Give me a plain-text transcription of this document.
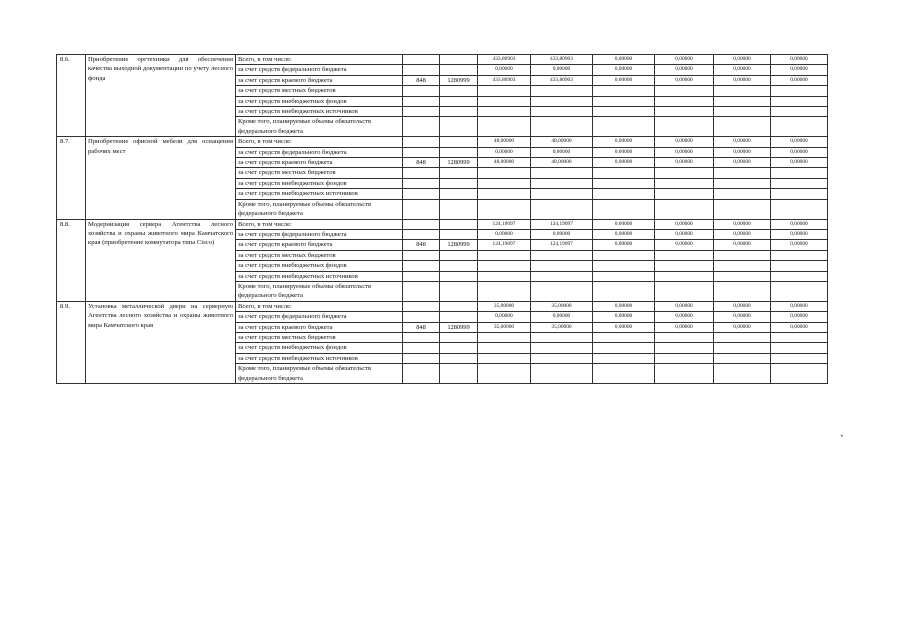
8.6.	Приобретение оргтехники для обеспечения качества выходной документации по учету лесного фонда	Всего, в том числе:			433,80903	433,80903	0,00000	0,00000	0,00000	0,00000
		за счет средств федерального бюджета			0,00000	0,00000	0,00000	0,00000	0,00000	0,00000
		за счет средств краевого бюджета	848	1280999	433,80903	433,80903	0,00000	0,00000	0,00000	0,00000
		за счет средств местных бюджетов								
		за счет средств внебюджетных фондов								
		за счет средств внебюджетных источников								
		Кроме того, планируемые объемы обязательств федерального бюджета								
8.7.	Приобретение офисной мебели для оснащения рабочих мест	Всего, в том числе:			48,00000	48,00000	0,00000	0,00000	0,00000	0,00000
		за счет средств федерального бюджета			0,00000	0,00000	0,00000	0,00000	0,00000	0,00000
		за счет средств краевого бюджета	848	1280999	48,00000	48,00000	0,00000	0,00000	0,00000	0,00000
		за счет средств местных бюджетов								
		за счет средств внебюджетных фондов								
		за счет средств внебюджетных источников								
		Кроме того, планируемые объемы обязательств федерального бюджета								
8.8.	Модернизация сервера Агентства лесного хозяйства и охраны животного мира Камчатского края (приобретение коммутатора типа Cisco)	Всего, в том числе:			124,19097	124,19097	0,00000	0,00000	0,00000	0,00000
		за счет средств федерального бюджета			0,00000	0,00000	0,00000	0,00000	0,00000	0,00000
		за счет средств краевого бюджета	848	1280999	124,19097	124,19097	0,00000	0,00000	0,00000	0,00000
		за счет средств местных бюджетов								
		за счет средств внебюджетных фондов								
		за счет средств внебюджетных источников								
		Кроме того, планируемые объемы обязательств федерального бюджета								
8.9.	Установка металлической двери на серверную Агентства лесного хозяйства и охраны животного мира Камчатского края	Всего, в том числе:			35,00000	35,00000	0,00000	0,00000	0,00000	0,00000
		за счет средств федерального бюджета			0,00000	0,00000	0,00000	0,00000	0,00000	0,00000
		за счет средств краевого бюджета	848	1280999	35,00000	35,00000	0,00000	0,00000	0,00000	0,00000
		за счет средств местных бюджетов								
		за счет средств внебюджетных фондов								
		за счет средств внебюджетных источников								
		Кроме того, планируемые объемы обязательств федерального бюджета								
•
